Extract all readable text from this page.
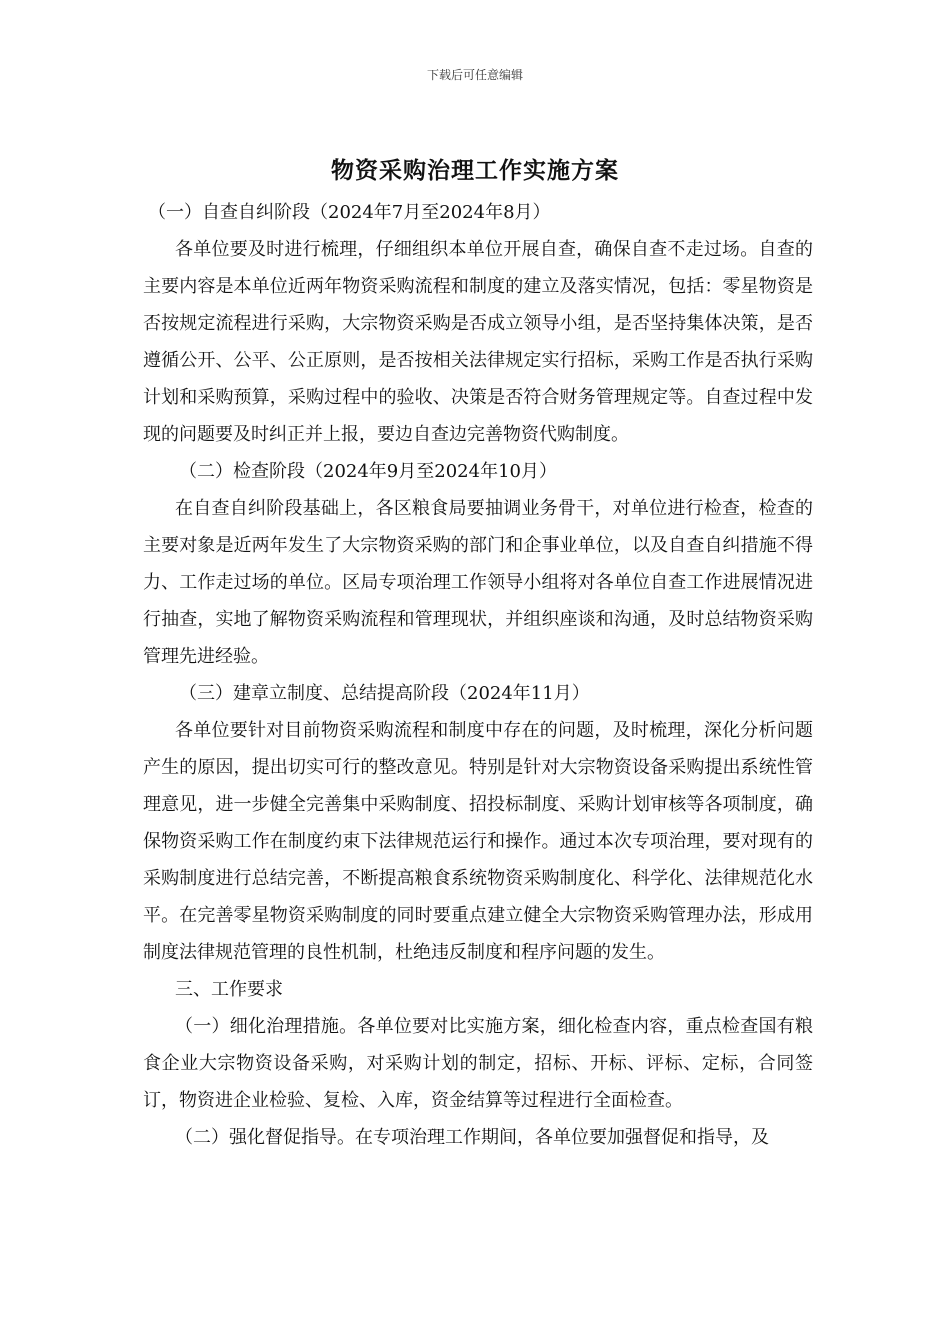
下载后可任意编辑
物资采购治理工作实施方案

（一）自查自纠阶段（2024年7月至2024年8月）

各单位要及时进行梳理，仔细组织本单位开展自查，确保自查不走过场。自查的主要内容是本单位近两年物资采购流程和制度的建立及落实情况，包括：零星物资是否按规定流程进行采购，大宗物资采购是否成立领导小组，是否坚持集体决策，是否遵循公开、公平、公正原则，是否按相关法律规定实行招标，采购工作是否执行采购计划和采购预算，采购过程中的验收、决策是否符合财务管理规定等。自查过程中发现的问题要及时纠正并上报，要边自查边完善物资代购制度。

（二）检查阶段（2024年9月至2024年10月）

在自查自纠阶段基础上，各区粮食局要抽调业务骨干，对单位进行检查，检查的主要对象是近两年发生了大宗物资采购的部门和企事业单位，以及自查自纠措施不得力、工作走过场的单位。区局专项治理工作领导小组将对各单位自查工作进展情况进行抽查，实地了解物资采购流程和管理现状，并组织座谈和沟通，及时总结物资采购管理先进经验。

（三）建章立制度、总结提高阶段（2024年11月）

各单位要针对目前物资采购流程和制度中存在的问题，及时梳理，深化分析问题产生的原因，提出切实可行的整改意见。特别是针对大宗物资设备采购提出系统性管理意见，进一步健全完善集中采购制度、招投标制度、采购计划审核等各项制度，确保物资采购工作在制度约束下法律规范运行和操作。通过本次专项治理，要对现有的采购制度进行总结完善，不断提高粮食系统物资采购制度化、科学化、法律规范化水平。在完善零星物资采购制度的同时要重点建立健全大宗物资采购管理办法，形成用制度法律规范管理的良性机制，杜绝违反制度和程序问题的发生。

三、工作要求

（一）细化治理措施。各单位要对比实施方案，细化检查内容，重点检查国有粮食企业大宗物资设备采购，对采购计划的制定，招标、开标、评标、定标，合同签订，物资进企业检验、复检、入库，资金结算等过程进行全面检查。

（二）强化督促指导。在专项治理工作期间，各单位要加强督促和指导，及
